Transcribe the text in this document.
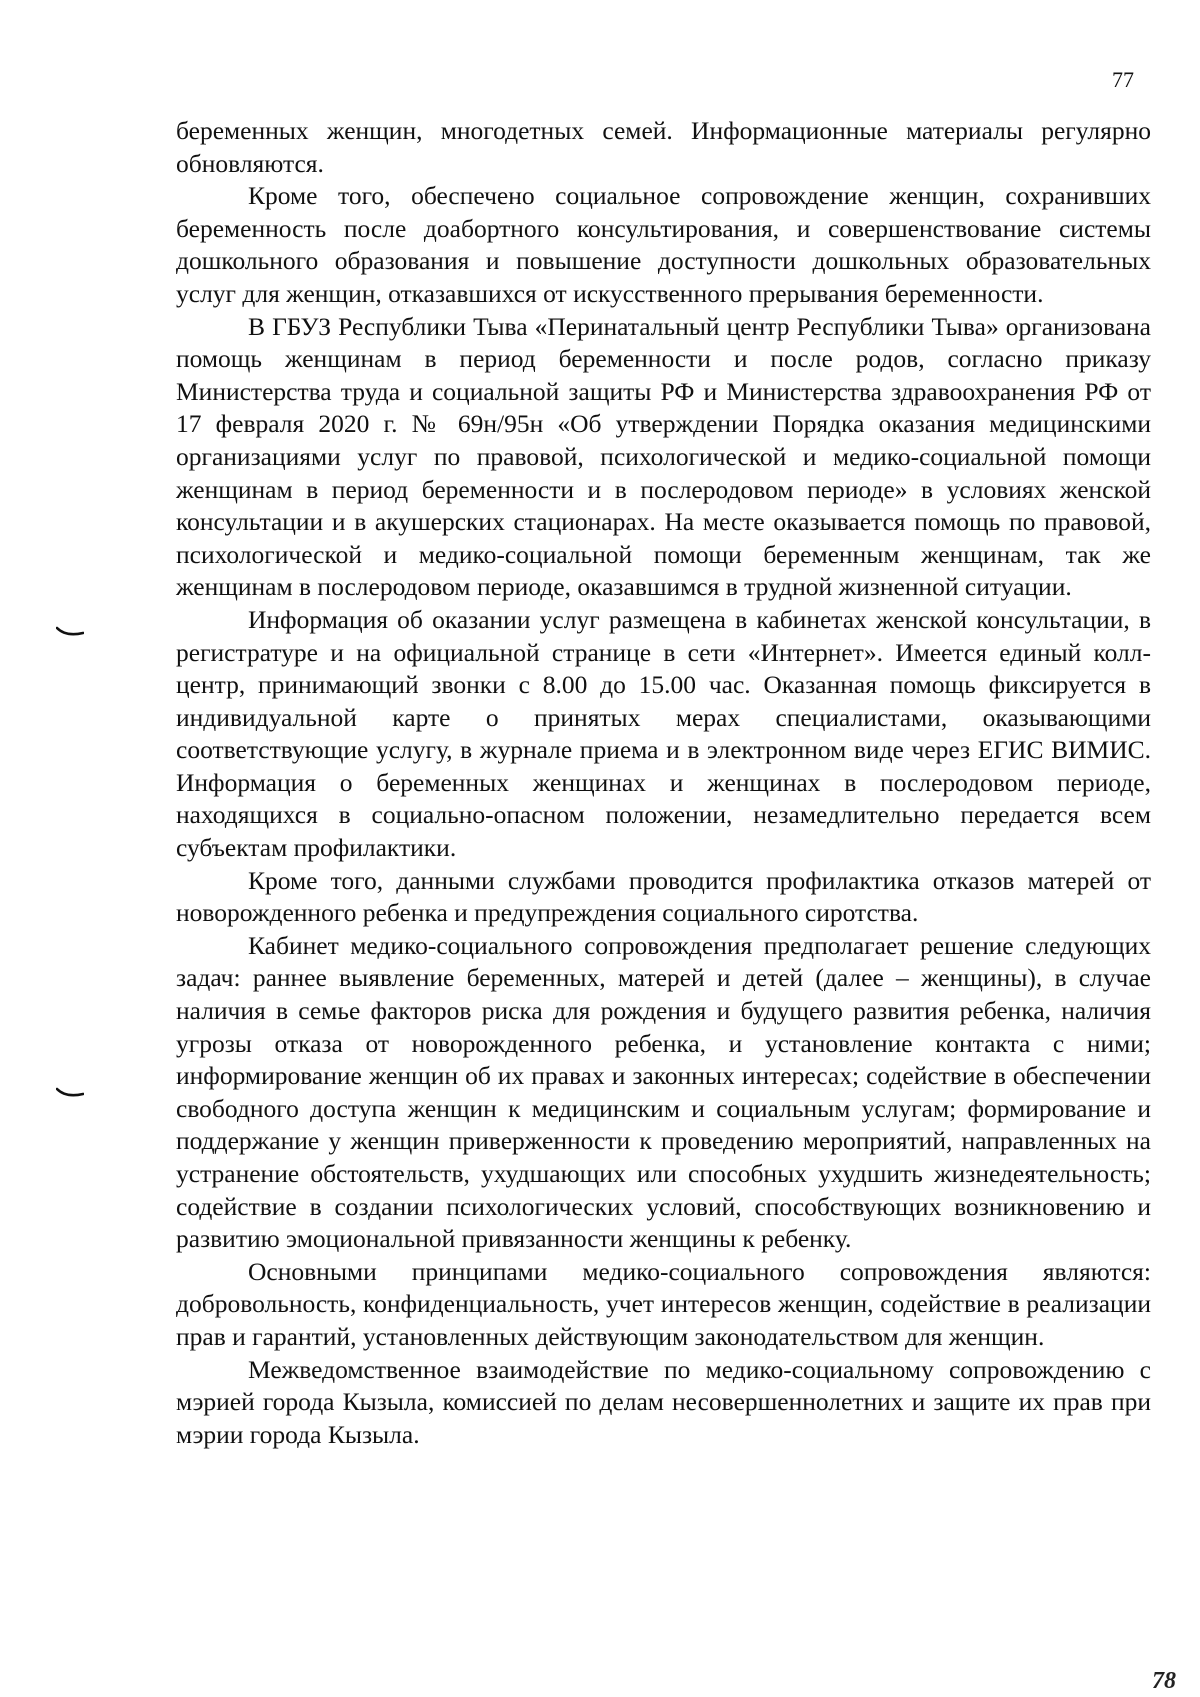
77

беременных женщин, многодетных семей. Информационные материалы регулярно обновляются.

Кроме того, обеспечено социальное сопровождение женщин, сохранивших беременность после доабортного консультирования, и совершенствование системы дошкольного образования и повышение доступности дошкольных образовательных услуг для женщин, отказавшихся от искусственного прерывания беременности.

В ГБУЗ Республики Тыва «Перинатальный центр Республики Тыва» организована помощь женщинам в период беременности и после родов, согласно приказу Министерства труда и социальной защиты РФ и Министерства здравоохранения РФ от 17 февраля 2020 г. № 69н/95н «Об утверждении Порядка оказания медицинскими организациями услуг по правовой, психологической и медико-социальной помощи женщинам в период беременности и в послеродовом периоде» в условиях женской консультации и в акушерских стационарах. На месте оказывается помощь по правовой, психологической и медико-социальной помощи беременным женщинам, так же женщинам в послеродовом периоде, оказавшимся в трудной жизненной ситуации.

Информация об оказании услуг размещена в кабинетах женской консультации, в регистратуре и на официальной странице в сети «Интернет». Имеется единый колл-центр, принимающий звонки с 8.00 до 15.00 час. Оказанная помощь фиксируется в индивидуальной карте о принятых мерах специалистами, оказывающими соответствующие услугу, в журнале приема и в электронном виде через ЕГИС ВИМИС. Информация о беременных женщинах и женщинах в послеродовом периоде, находящихся в социально-опасном положении, незамедлительно передается всем субъектам профилактики.

Кроме того, данными службами проводится профилактика отказов матерей от новорожденного ребенка и предупреждения социального сиротства.

Кабинет медико-социального сопровождения предполагает решение следующих задач: раннее выявление беременных, матерей и детей (далее – женщины), в случае наличия в семье факторов риска для рождения и будущего развития ребенка, наличия угрозы отказа от новорожденного ребенка, и установление контакта с ними; информирование женщин об их правах и законных интересах; содействие в обеспечении свободного доступа женщин к медицинским и социальным услугам; формирование и поддержание у женщин приверженности к проведению мероприятий, направленных на устранение обстоятельств, ухудшающих или способных ухудшить жизнедеятельность; содействие в создании психологических условий, способствующих возникновению и развитию эмоциональной привязанности женщины к ребенку.

Основными принципами медико-социального сопровождения являются: добровольность, конфиденциальность, учет интересов женщин, содействие в реализации прав и гарантий, установленных действующим законодательством для женщин.

Межведомственное взаимодействие по медико-социальному сопровождению с мэрией города Кызыла, комиссией по делам несовершеннолетних и защите их прав при мэрии города Кызыла.

78
